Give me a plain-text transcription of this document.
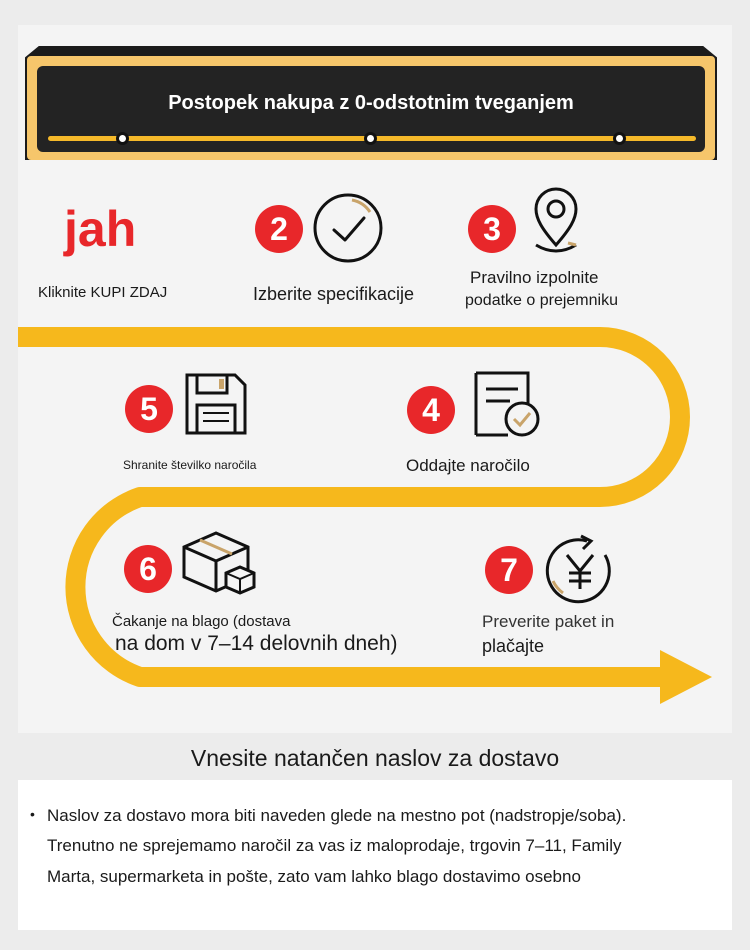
Postopek nakupa z 0-odstotnim tveganjem
jah
Kliknite KUPI ZDAJ
2
Izberite specifikacije
3
Pravilno izpolnite
podatke o prejemniku
5
Shranite številko naročila
4
Oddajte naročilo
6
Čakanje na blago (dostava
na dom v 7–14 delovnih dneh)
7
Preverite paket in
plačajte
Vnesite natančen naslov za dostavo
• Naslov za dostavo mora biti naveden glede na mestno pot (nadstropje/soba).
Trenutno ne sprejemamo naročil za vas iz maloprodaje, trgovin 7–11, Family
Marta, supermarketa in pošte, zato vam lahko blago dostavimo osebno
